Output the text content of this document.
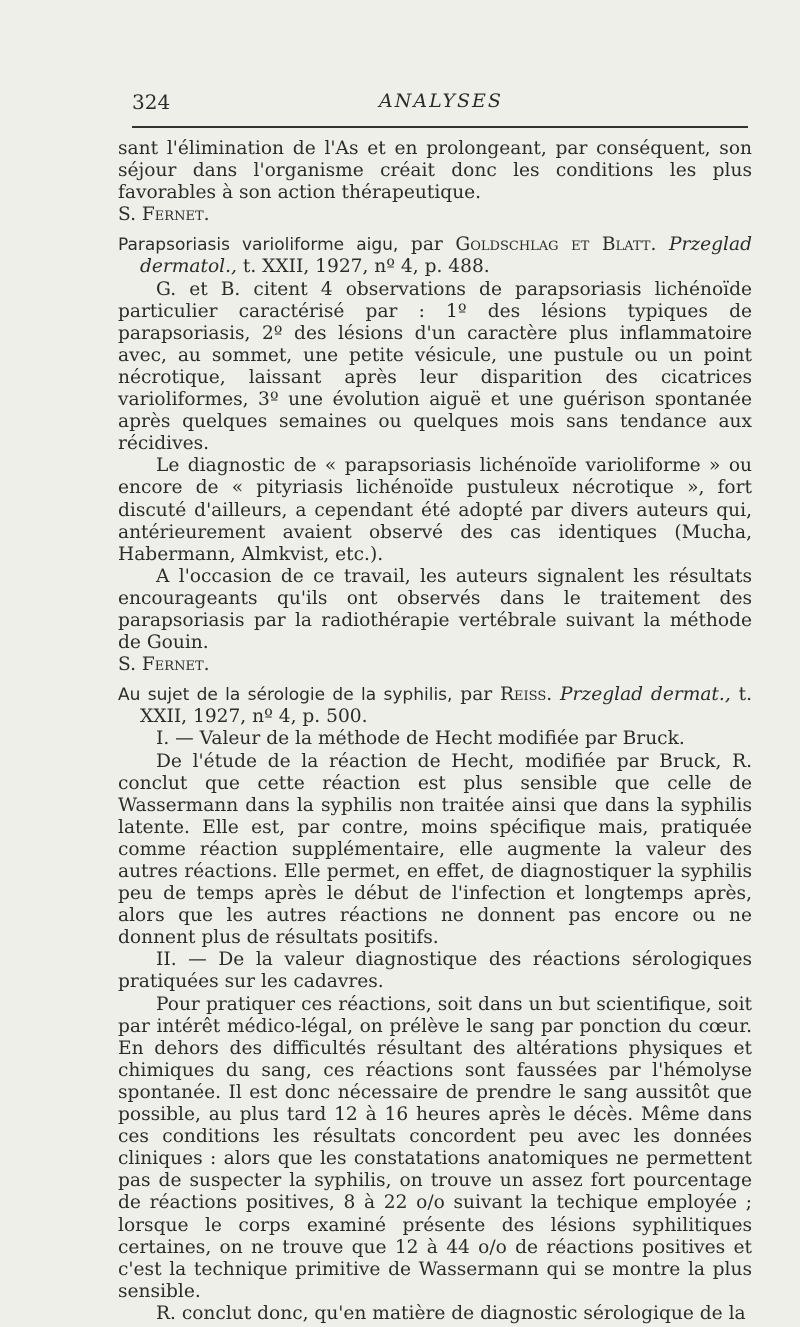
324	ANALYSES

sant l'élimination de l'As et en prolongeant, par conséquent, son séjour dans l'organisme créait donc les conditions les plus favorables à son action thérapeutique.

S. Fernet.

Parapsoriasis varioliforme aigu, par Goldschlag et Blatt. Przeglad dermatol., t. XXII, 1927, nº 4, p. 488.

G. et B. citent 4 observations de parapsoriasis lichénoïde particulier caractérisé par : 1º des lésions typiques de parapsoriasis, 2º des lésions d'un caractère plus inflammatoire avec, au sommet, une petite vésicule, une pustule ou un point nécrotique, laissant après leur disparition des cicatrices varioliformes, 3º une évolution aiguë et une guérison spontanée après quelques semaines ou quelques mois sans tendance aux récidives.

Le diagnostic de « parapsoriasis lichénoïde varioliforme » ou encore de « pityriasis lichénoïde pustuleux nécrotique », fort discuté d'ailleurs, a cependant été adopté par divers auteurs qui, antérieurement avaient observé des cas identiques (Mucha, Habermann, Almkvist, etc.).

A l'occasion de ce travail, les auteurs signalent les résultats encourageants qu'ils ont observés dans le traitement des parapsoriasis par la radiothérapie vertébrale suivant la méthode de Gouin.

S. Fernet.

Au sujet de la sérologie de la syphilis, par Reiss. Przeglad dermat., t. XXII, 1927, nº 4, p. 500.

I. — Valeur de la méthode de Hecht modifiée par Bruck.

De l'étude de la réaction de Hecht, modifiée par Bruck, R. conclut que cette réaction est plus sensible que celle de Wassermann dans la syphilis non traitée ainsi que dans la syphilis latente. Elle est, par contre, moins spécifique mais, pratiquée comme réaction supplémentaire, elle augmente la valeur des autres réactions. Elle permet, en effet, de diagnostiquer la syphilis peu de temps après le début de l'infection et longtemps après, alors que les autres réactions ne donnent pas encore ou ne donnent plus de résultats positifs.

II. — De la valeur diagnostique des réactions sérologiques pratiquées sur les cadavres.

Pour pratiquer ces réactions, soit dans un but scientifique, soit par intérêt médico-légal, on prélève le sang par ponction du cœur. En dehors des difficultés résultant des altérations physiques et chimiques du sang, ces réactions sont faussées par l'hémolyse spontanée. Il est donc nécessaire de prendre le sang aussitôt que possible, au plus tard 12 à 16 heures après le décès. Même dans ces conditions les résultats concordent peu avec les données cliniques : alors que les constatations anatomiques ne permettent pas de suspecter la syphilis, on trouve un assez fort pourcentage de réactions positives, 8 à 22 o/o suivant la techique employée ; lorsque le corps examiné présente des lésions syphilitiques certaines, on ne trouve que 12 à 44 o/o de réactions positives et c'est la technique primitive de Wassermann qui se montre la plus sensible.

R. conclut donc, qu'en matière de diagnostic sérologique de la
